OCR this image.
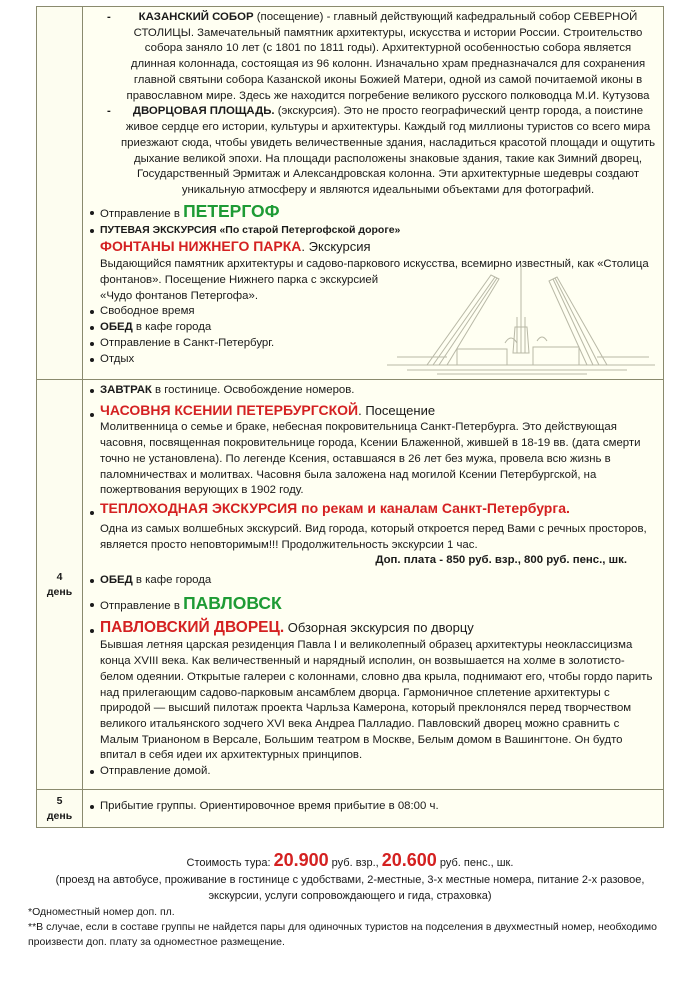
- КАЗАНСКИЙ СОБОР (посещение) - главный действующий кафедральный собор СЕВЕРНОЙ СТОЛИЦЫ. Замечательный памятник архитектуры, искусства и истории России. Строительство собора заняло 10 лет (с 1801 по 1811 годы). Архитектурной особенностью собора является длинная колоннада, состоящая из 96 колонн. Изначально храм предназначался для сохранения главной святыни собора Казанской иконы Божией Матери, одной из самой почитаемой иконы в православном мире. Здесь же находится погребение великого русского полководца М.И. Кутузова
- ДВОРЦОВАЯ ПЛОЩАДЬ. (экскурсия). Это не просто географический центр города, а поистине живое сердце его истории, культуры и архитектуры. Каждый год миллионы туристов со всего мира приезжают сюда, чтобы увидеть величественные здания, насладиться красотой площади и ощутить дыхание великой эпохи. На площади расположены знаковые здания, такие как Зимний дворец, Государственный Эрмитаж и Александровская колонна. Эти архитектурные шедевры создают уникальную атмосферу и являются идеальными объектами для фотографий.
Отправление в ПЕТЕРГОФ
ПУТЕВАЯ ЭКСКУРСИЯ «По старой Петергофской дороге»
ФОНТАНЫ НИЖНЕГО ПАРКА. Экскурсия
Выдающийся памятник архитектуры и садово-паркового искусства, всемирно известный, как «Столица фонтанов». Посещение Нижнего парка с экскурсией
«Чудо фонтанов Петергофа».
Свободное время
ОБЕД в кафе города
Отправление в Санкт-Петербург.
Отдых
4
день
ЗАВТРАК в гостинице. Освобождение номеров.
ЧАСОВНЯ КСЕНИИ ПЕТЕРБУРГСКОЙ. Посещение
Молитвенница о семье и браке, небесная покровительница Санкт-Петербурга. Это действующая часовня, посвященная покровительнице города, Ксении Блаженной, жившей в 18-19 вв. (дата смерти точно не установлена). По легенде Ксения, оставшаяся в 26 лет без мужа, провела всю жизнь в паломничествах и молитвах. Часовня была заложена над могилой Ксении Петербургской, на пожертвования верующих в 1902 году.
ТЕПЛОХОДНАЯ ЭКСКУРСИЯ по рекам и каналам Санкт-Петербурга.
Одна из самых волшебных экскурсий. Вид города, который откроется перед Вами с речных просторов, является просто неповторимым!!! Продолжительность экскурсии 1 час.
Доп. плата - 850 руб. взр., 800 руб. пенс., шк.
ОБЕД в кафе города
Отправление в ПАВЛОВСК
ПАВЛОВСКИЙ ДВОРЕЦ. Обзорная экскурсия по дворцу
Бывшая летняя царская резиденция Павла I и великолепный образец архитектуры неоклассицизма конца XVIII века. Как величественный и нарядный исполин, он возвышается на холме в золотисто-белом одеянии. Открытые галереи с колоннами, словно два крыла, поднимают его, чтобы гордо парить над прилегающим садово-парковым ансамблем дворца. Гармоничное сплетение архитектуры с природой — высший пилотаж проекта Чарльза Камерона, который преклонялся перед творчеством великого итальянского зодчего XVI века Андреа Палладио. Павловский дворец можно сравнить с Малым Трианоном в Версале, Большим театром в Москве, Белым домом в Вашингтоне. Он будто впитал в себя идеи их архитектурных принципов.
Отправление домой.
5
день
Прибытие группы. Ориентировочное время прибытие в 08:00 ч.
Стоимость тура: 20.900 руб. взр., 20.600 руб. пенс., шк.
(проезд на автобусе, проживание в гостинице с удобствами, 2-местные, 3-х местные номера, питание 2-х разовое, экскурсии, услуги сопровождающего и гида, страховка)
*Одноместный номер доп. пл.
**В случае, если в составе группы не найдется пары для одиночных туристов на подселения в двухместный номер, необходимо произвести доп. плату за одноместное размещение.
